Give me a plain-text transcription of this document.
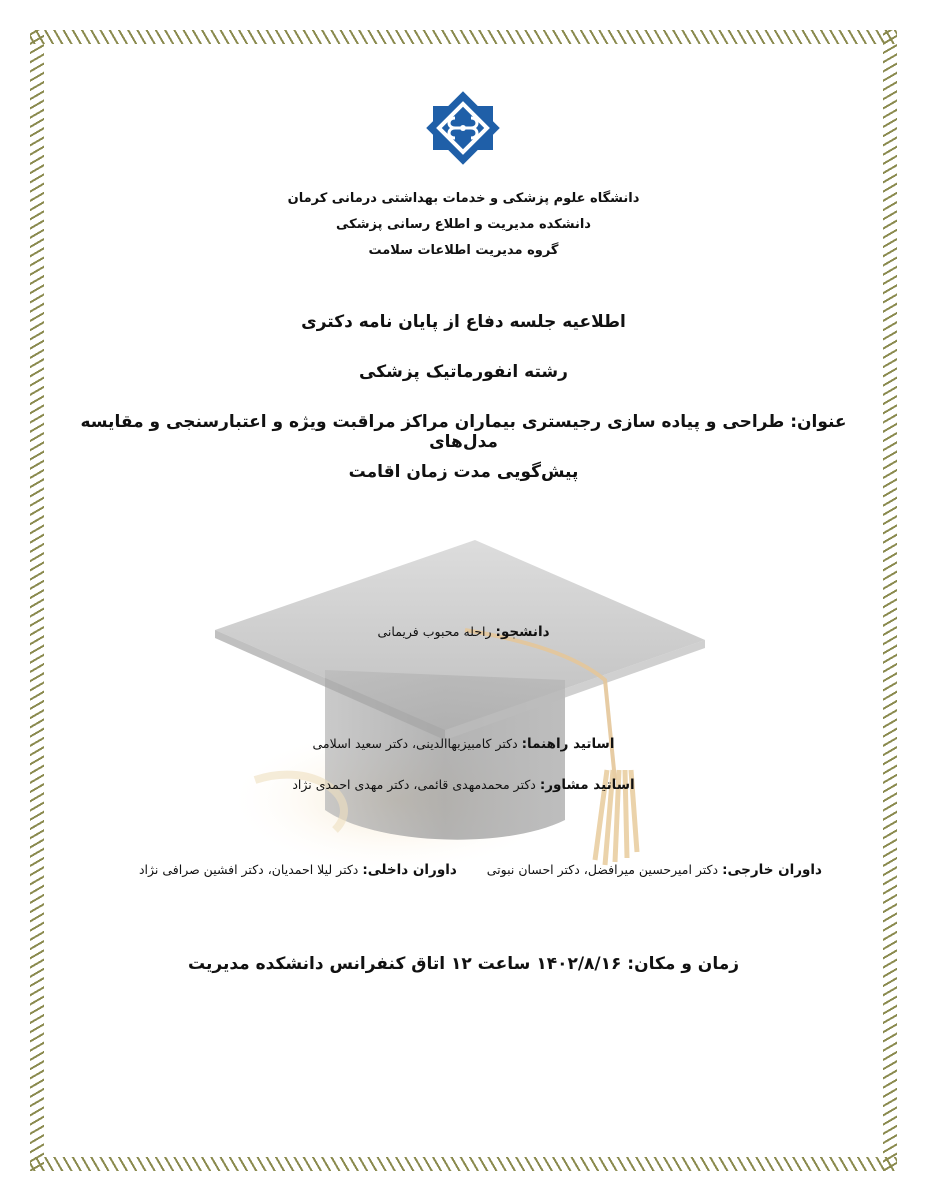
دانشگاه علوم پزشکی و خدمات بهداشتی درمانی کرمان
دانشکده مدیریت و اطلاع رسانی پزشکی
گروه مدیریت اطلاعات سلامت
اطلاعیه جلسه دفاع از پایان نامه دکتری
رشته انفورماتیک پزشکی
عنوان: طراحی و پیاده سازی رجیستری بیماران مراکز مراقبت ویژه و اعتبارسنجی و مقایسه مدل‌های
پیش‌گویی مدت زمان اقامت
دانشجو: راحله محبوب فریمانی
اساتید راهنما: دکتر کامبیزبهاالدینی، دکتر سعید اسلامی
اساتید مشاور: دکتر محمدمهدی قائمی، دکتر مهدی احمدی نژاد
داوران خارجی: دکتر امیرحسین میرافضل، دکتر احسان نبوتی  داوران داخلی: دکتر لیلا احمدیان، دکتر افشین صرافی نژاد
زمان و مکان: ۱۴۰۲/۸/۱۶ ساعت ۱۲ اتاق کنفرانس دانشکده مدیریت
